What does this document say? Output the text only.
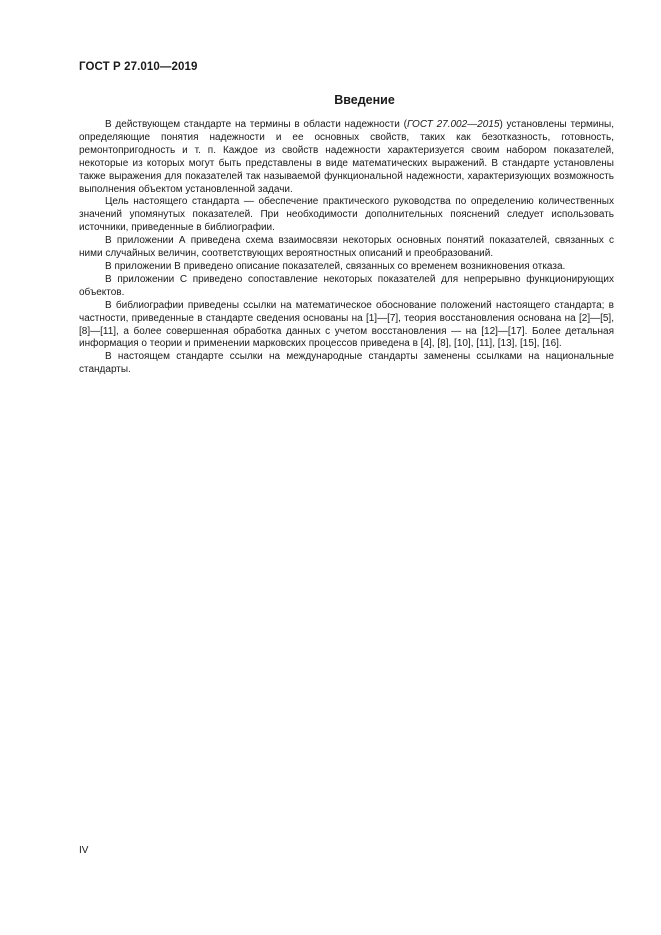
ГОСТ Р 27.010—2019
Введение

В действующем стандарте на термины в области надежности (ГОСТ 27.002—2015) установлены термины, определяющие понятия надежности и ее основных свойств, таких как безотказность, готовность, ремонтопригодность и т. п. Каждое из свойств надежности характеризуется своим набором показателей, некоторые из которых могут быть представлены в виде математических выражений. В стандарте установлены также выражения для показателей так называемой функциональной надежности, характеризующих возможность выполнения объектом установленной задачи.

Цель настоящего стандарта — обеспечение практического руководства по определению количественных значений упомянутых показателей. При необходимости дополнительных пояснений следует использовать источники, приведенные в библиографии.

В приложении А приведена схема взаимосвязи некоторых основных понятий показателей, связанных с ними случайных величин, соответствующих вероятностных описаний и преобразований.

В приложении В приведено описание показателей, связанных со временем возникновения отказа.

В приложении С приведено сопоставление некоторых показателей для непрерывно функционирующих объектов.

В библиографии приведены ссылки на математическое обоснование положений настоящего стандарта; в частности, приведенные в стандарте сведения основаны на [1]—[7], теория восстановления основана на [2]—[5], [8]—[11], а более совершенная обработка данных с учетом восстановления — на [12]—[17]. Более детальная информация о теории и применении марковских процессов приведена в [4], [8], [10], [11], [13], [15], [16].

В настоящем стандарте ссылки на международные стандарты заменены ссылками на национальные стандарты.

IV
